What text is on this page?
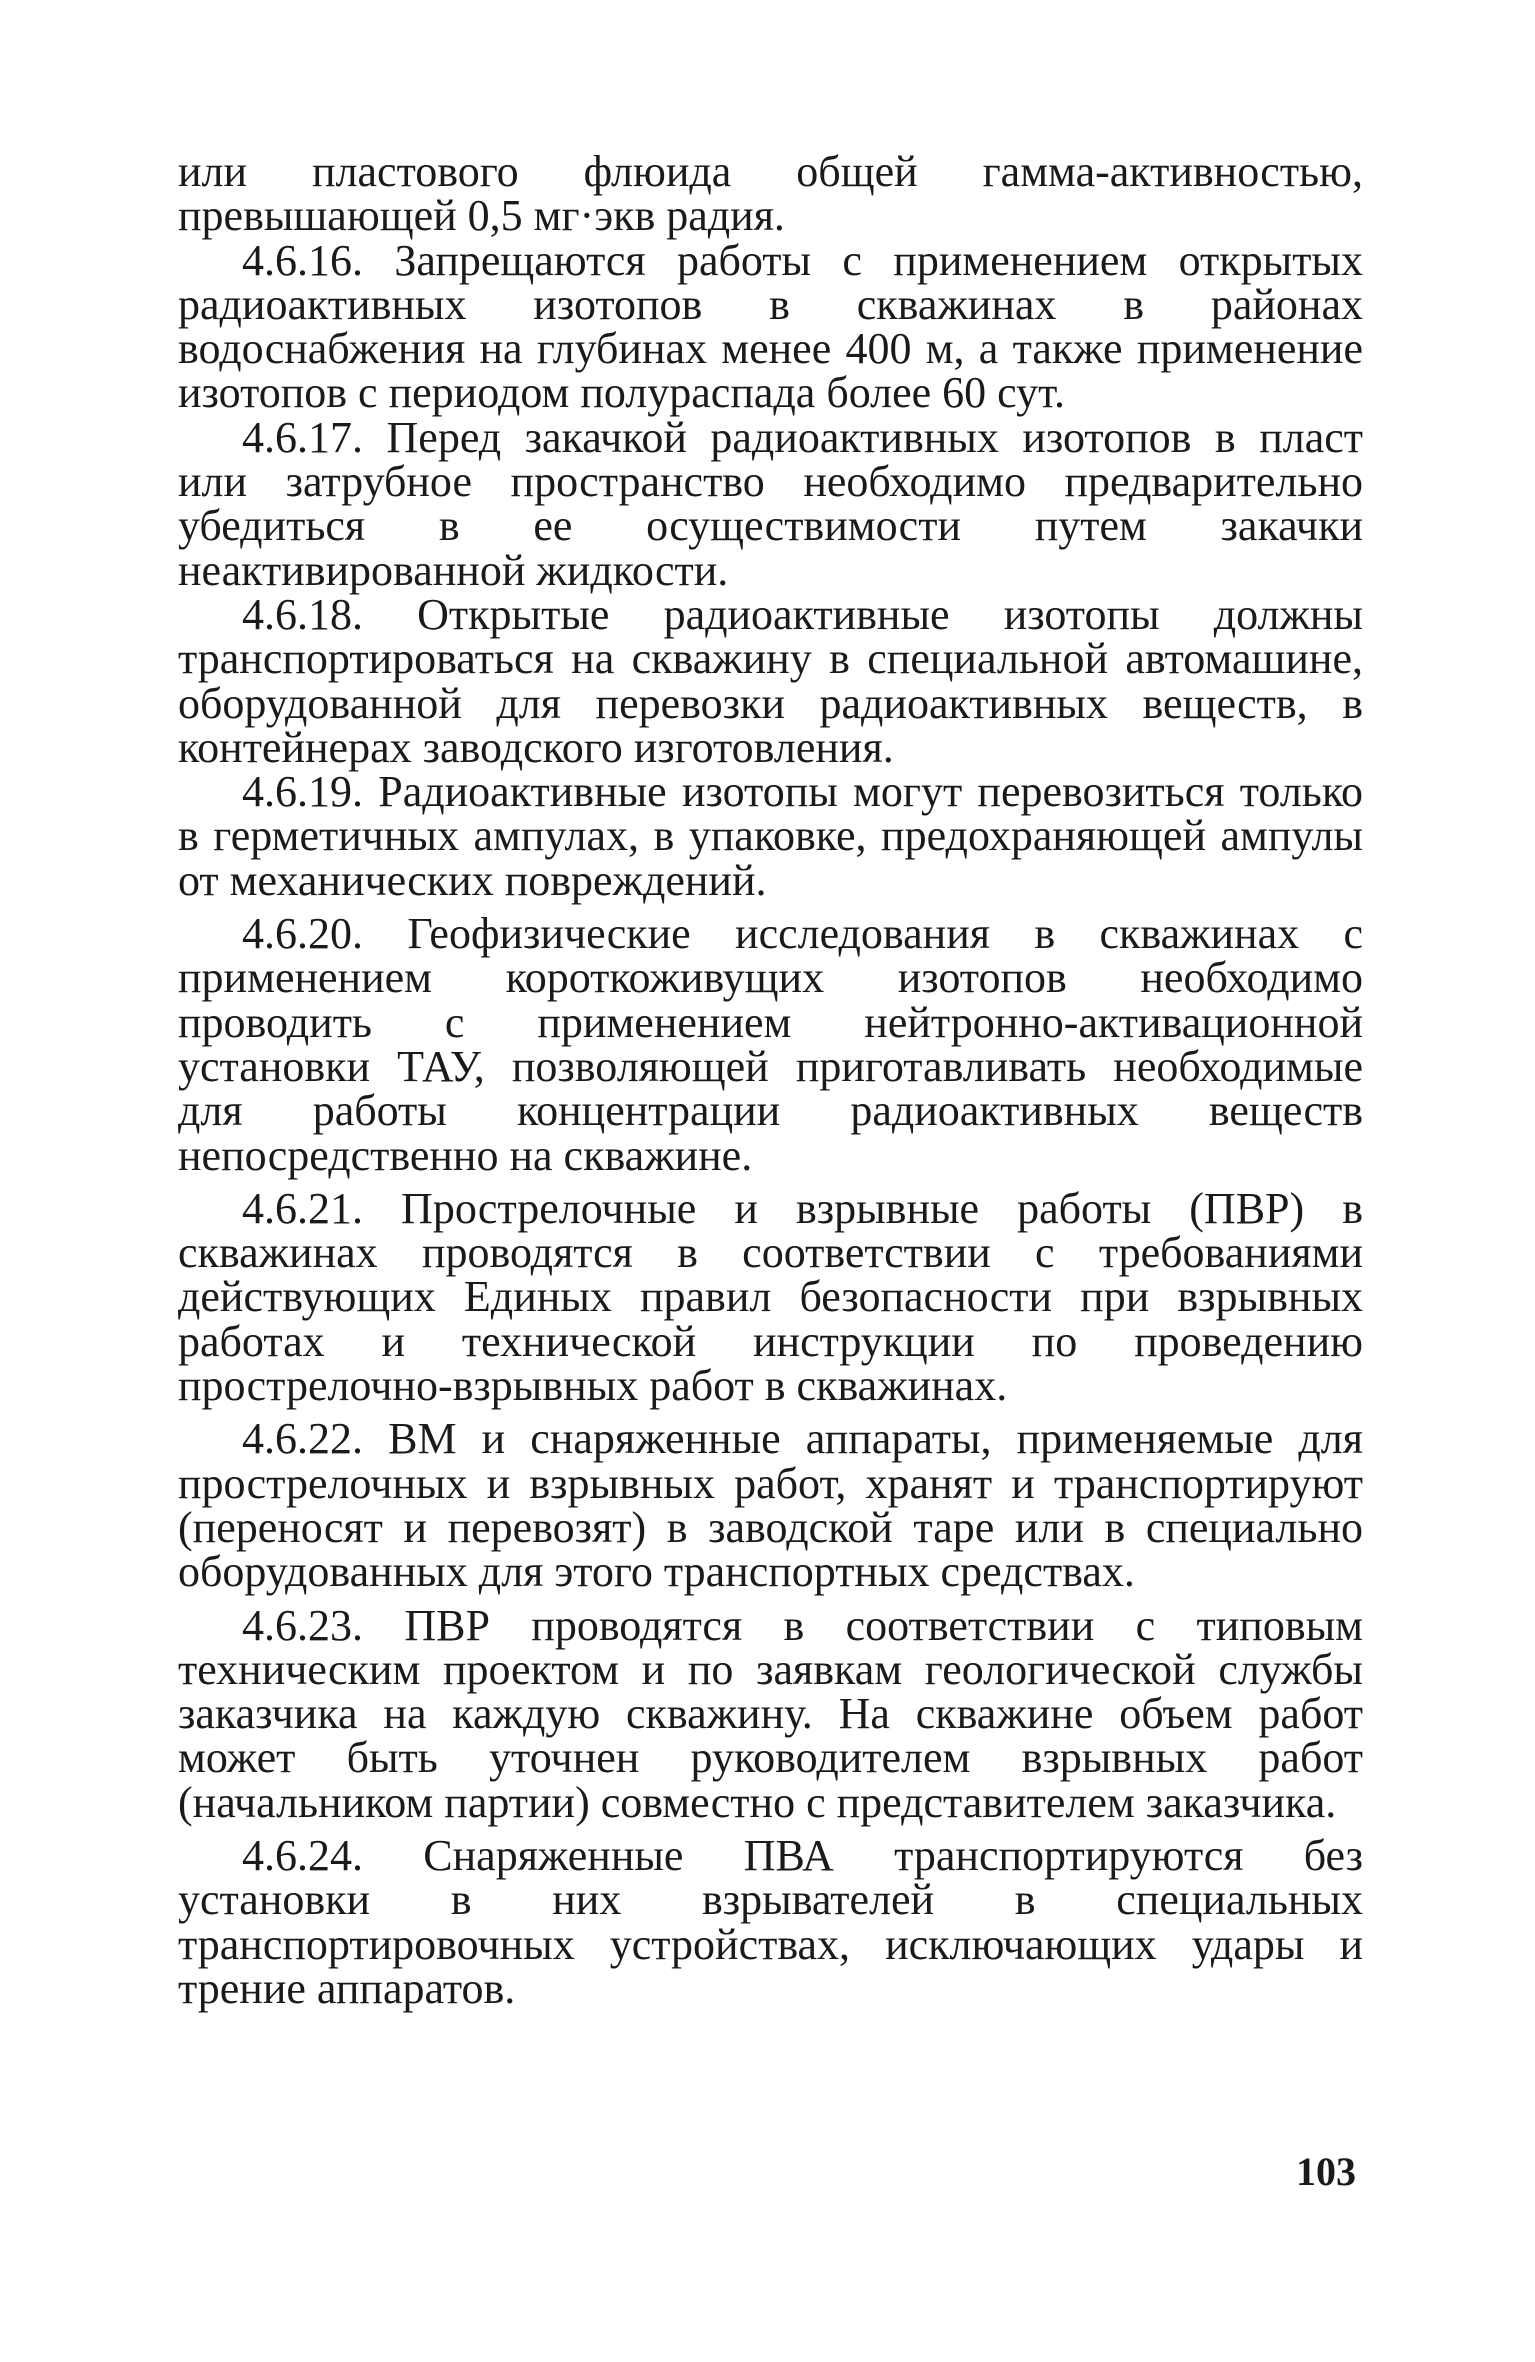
или пластового флюида общей гамма-активностью, превышающей 0,5 мг·экв радия.

4.6.16. Запрещаются работы с применением открытых радиоактивных изотопов в скважинах в районах водоснабжения на глубинах менее 400 м, а также применение изотопов с периодом полураспада более 60 сут.

4.6.17. Перед закачкой радиоактивных изотопов в пласт или затрубное пространство необходимо предварительно убедиться в ее осуществимости путем закачки неактивированной жидкости.

4.6.18. Открытые радиоактивные изотопы должны транспортироваться на скважину в специальной автомашине, оборудованной для перевозки радиоактивных веществ, в контейнерах заводского изготовления.

4.6.19. Радиоактивные изотопы могут перевозиться только в герметичных ампулах, в упаковке, предохраняющей ампулы от механических повреждений.

4.6.20. Геофизические исследования в скважинах с применением короткоживущих изотопов необходимо проводить с применением нейтронно-активационной установки ТАУ, позволяющей приготавливать необходимые для работы концентрации радиоактивных веществ непосредственно на скважине.

4.6.21. Прострелочные и взрывные работы (ПВР) в скважинах проводятся в соответствии с требованиями действующих Единых правил безопасности при взрывных работах и технической инструкции по проведению прострелочно-взрывных работ в скважинах.

4.6.22. ВМ и снаряженные аппараты, применяемые для прострелочных и взрывных работ, хранят и транспортируют (переносят и перевозят) в заводской таре или в специально оборудованных для этого транспортных средствах.

4.6.23. ПВР проводятся в соответствии с типовым техническим проектом и по заявкам геологической службы заказчика на каждую скважину. На скважине объем работ может быть уточнен руководителем взрывных работ (начальником партии) совместно с представителем заказчика.

4.6.24. Снаряженные ПВА транспортируются без установки в них взрывателей в специальных транспортировочных устройствах, исключающих удары и трение аппаратов.

103
